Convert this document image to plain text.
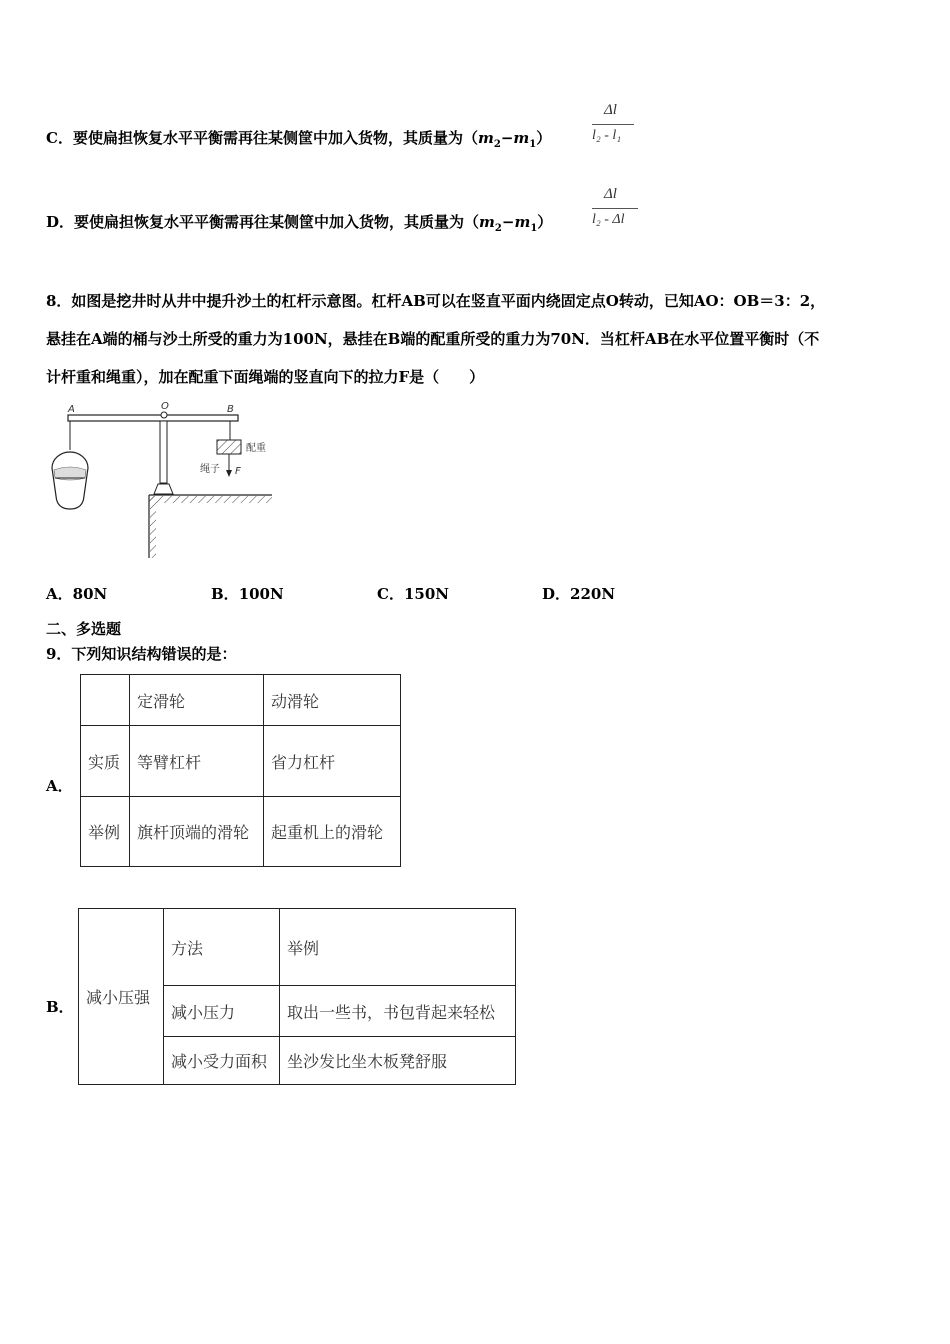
C．要使扁担恢复水平平衡需再往某侧筐中加入货物，其质量为$(m_2-m_1)$
Δl
l₂ - l₁
D．要使扁担恢复水平平衡需再往某侧筐中加入货物，其质量为$(m_2-m_1)$
Δl
l₂ - Δl
8．如图是挖井时从井中提升沙土的杠杆示意图。杠杆AB可以在竖直平面内绕固定点O转动，已知AO：OB＝3：2，
悬挂在A端的桶与沙土所受的重力为100N，悬挂在B端的配重所受的重力为70N．当杠杆AB在水平位置平衡时（不
计杆重和绳重），加在配重下面绳端的竖直向下的拉力F是（　　）
A	O	B
配重
绳子 F
A．80N	B．100N	C．150N	D．220N
二、多选题
9．下列知识结构错误的是：
A．
	定滑轮	动滑轮
实质	等臂杠杆	省力杠杆
举例	旗杆顶端的滑轮	起重机上的滑轮
B． 减小压强	方法	举例
	减小压力	取出一些书，书包背起来轻松
	减小受力面积	坐沙发比坐木板凳舒服
